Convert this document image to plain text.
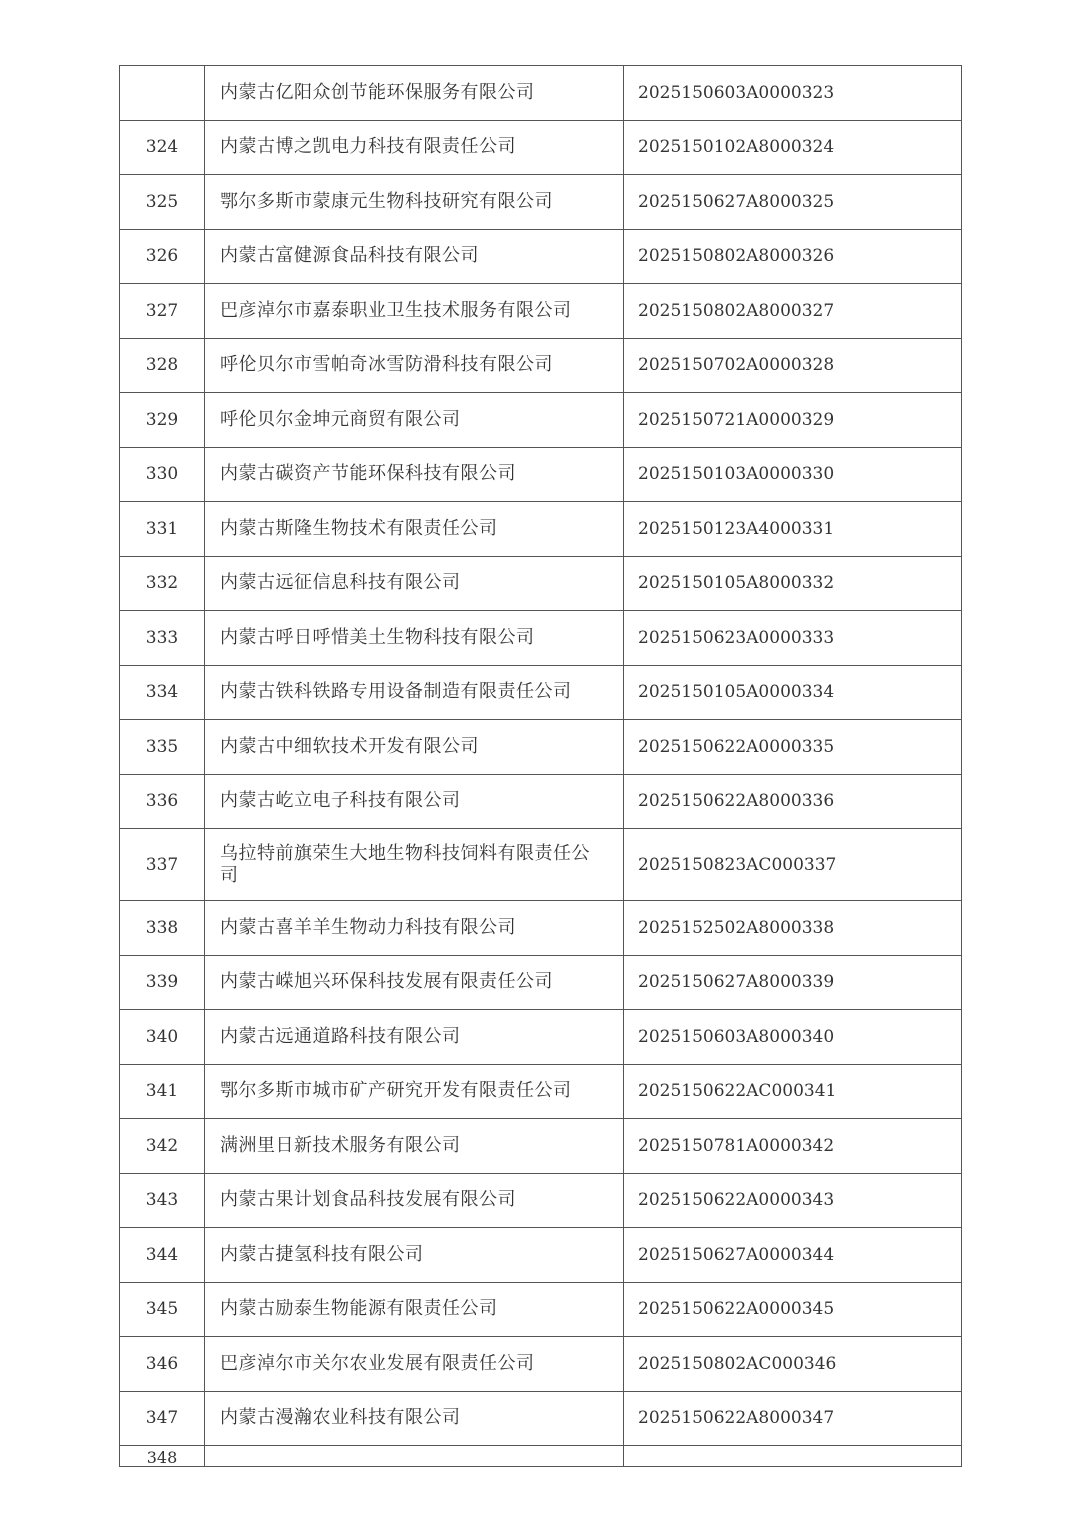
	内蒙古亿阳众创节能环保服务有限公司	2025150603A0000323
324	内蒙古博之凯电力科技有限责任公司	2025150102A8000324
325	鄂尔多斯市蒙康元生物科技研究有限公司	2025150627A8000325
326	内蒙古富健源食品科技有限公司	2025150802A8000326
327	巴彦淖尔市嘉泰职业卫生技术服务有限公司	2025150802A8000327
328	呼伦贝尔市雪帕奇冰雪防滑科技有限公司	2025150702A0000328
329	呼伦贝尔金坤元商贸有限公司	2025150721A0000329
330	内蒙古碳资产节能环保科技有限公司	2025150103A0000330
331	内蒙古斯隆生物技术有限责任公司	2025150123A4000331
332	内蒙古远征信息科技有限公司	2025150105A8000332
333	内蒙古呼日呼惜美土生物科技有限公司	2025150623A0000333
334	内蒙古铁科铁路专用设备制造有限责任公司	2025150105A0000334
335	内蒙古中细软技术开发有限公司	2025150622A0000335
336	内蒙古屹立电子科技有限公司	2025150622A8000336
337	乌拉特前旗荣生大地生物科技饲料有限责任公司	2025150823AC000337
338	内蒙古喜羊羊生物动力科技有限公司	2025152502A8000338
339	内蒙古嵘旭兴环保科技发展有限责任公司	2025150627A8000339
340	内蒙古远通道路科技有限公司	2025150603A8000340
341	鄂尔多斯市城市矿产研究开发有限责任公司	2025150622AC000341
342	满洲里日新技术服务有限公司	2025150781A0000342
343	内蒙古果计划食品科技发展有限公司	2025150622A0000343
344	内蒙古捷氢科技有限公司	2025150627A0000344
345	内蒙古励泰生物能源有限责任公司	2025150622A0000345
346	巴彦淖尔市关尔农业发展有限责任公司	2025150802AC000346
347	内蒙古漫瀚农业科技有限公司	2025150622A8000347
348		
